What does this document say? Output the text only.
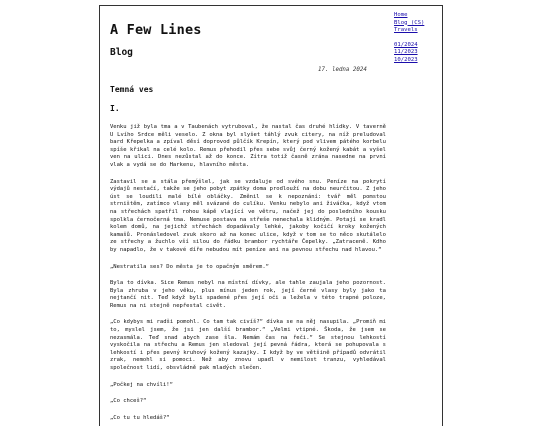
A Few Lines
Blog
Home
Blog (CS)
Travels
01/2024
11/2023
10/2023
17. ledna 2024
Temná ves
I.

Venku již byla tma a v Taubenách vytruboval, že nastal čas druhé hlídky. V taverně U Lvího Srdce měli veselo. Z okna byl slyšet táhlý zvuk citery, na níž preludoval bard Křepelka a zpíval děsí doprovod půlčík Krepín, který pod vlivem pátého korbelu spíše křikal na celé kolo. Remus přehodil přes sebe svůj černý kožený kabát a vyšel ven na ulici. Dnes nezůstal až do konce. Zítra totiž časně zrána nasedne na první vlak a vydá se do Harkenu, hlavního města.

Zastavil se a stála přemýšlel, jak se vzdaluje od svého snu. Peníze na pokrytí výdajů nestačí, takže se jeho pobyt zpátky doma prodlouží na dobu neurčitou. Z jeho úst se loudili malé bílé obláčky. Změnil se k nepoznání: tvář měl pomstou strništěm, zatímco vlasy měl svázané do culíku. Venku nebylo ani živáčka, když vtom na střechách spatřil rohou kápě vlající ve větru, načež jej do posledního kousku spolkla černočerná tma. Nemuse postava na střeše nenechala klidným. Potají se kradl kolem domů, na jejichž střechách dopadávaly lehké, jakoby kočičí kroky kožených kamašů. Pronásledovel zvuk skoro až na konec ulice, když v tom se to něco skutálelo ze střechy a žuchlo vší silou do řádku brambor rychtáře Čepelky. „Zatraceně. Kdho by napadlo, že v takové díře nebudou mít peníze ani na pevnou střechu nad hlavou.“

„Nestratila ses? Do města je to opačným směrem.“

Byla to dívka. Sice Remus nebyl na místní dívky, ale tahle zaujala jeho pozornost. Byla zhruba v jeho věku, plus mínus jeden rok, její černé vlasy byly jako ta nejtančí nit. Teď když byli spadené přes její oči a ležela v této trapné poloze, Remus na ni stejně nepřestal civět.

„Co kdybys mi radši pomohl. Co tam tak civíš?“ dívka se na něj nasupila. „Promiň mi to, myslel jsem, že jsi jen další brambor.“ „Velmi vtipné. Škoda, že jsem se nezasmála. Teď snad abych zase šla. Nemám čas na řeči.“ Se stejnou lehkostí vyskočila na střechu a Remus jen sledoval její pevná řádra, která se pohupovala s lehkostí i přes pevný kruhový kožený kazajky. I když by ve většině případů odvrátil zrak, nemohl si pomoci. Než aby znovu upadl v nemilost tranzu, vyhledával společnost lidí, obsvládně pak mladých slečen.

„Počkej na chvíli!“

„Co chceš?“

„Co tu tu hledáš?“
